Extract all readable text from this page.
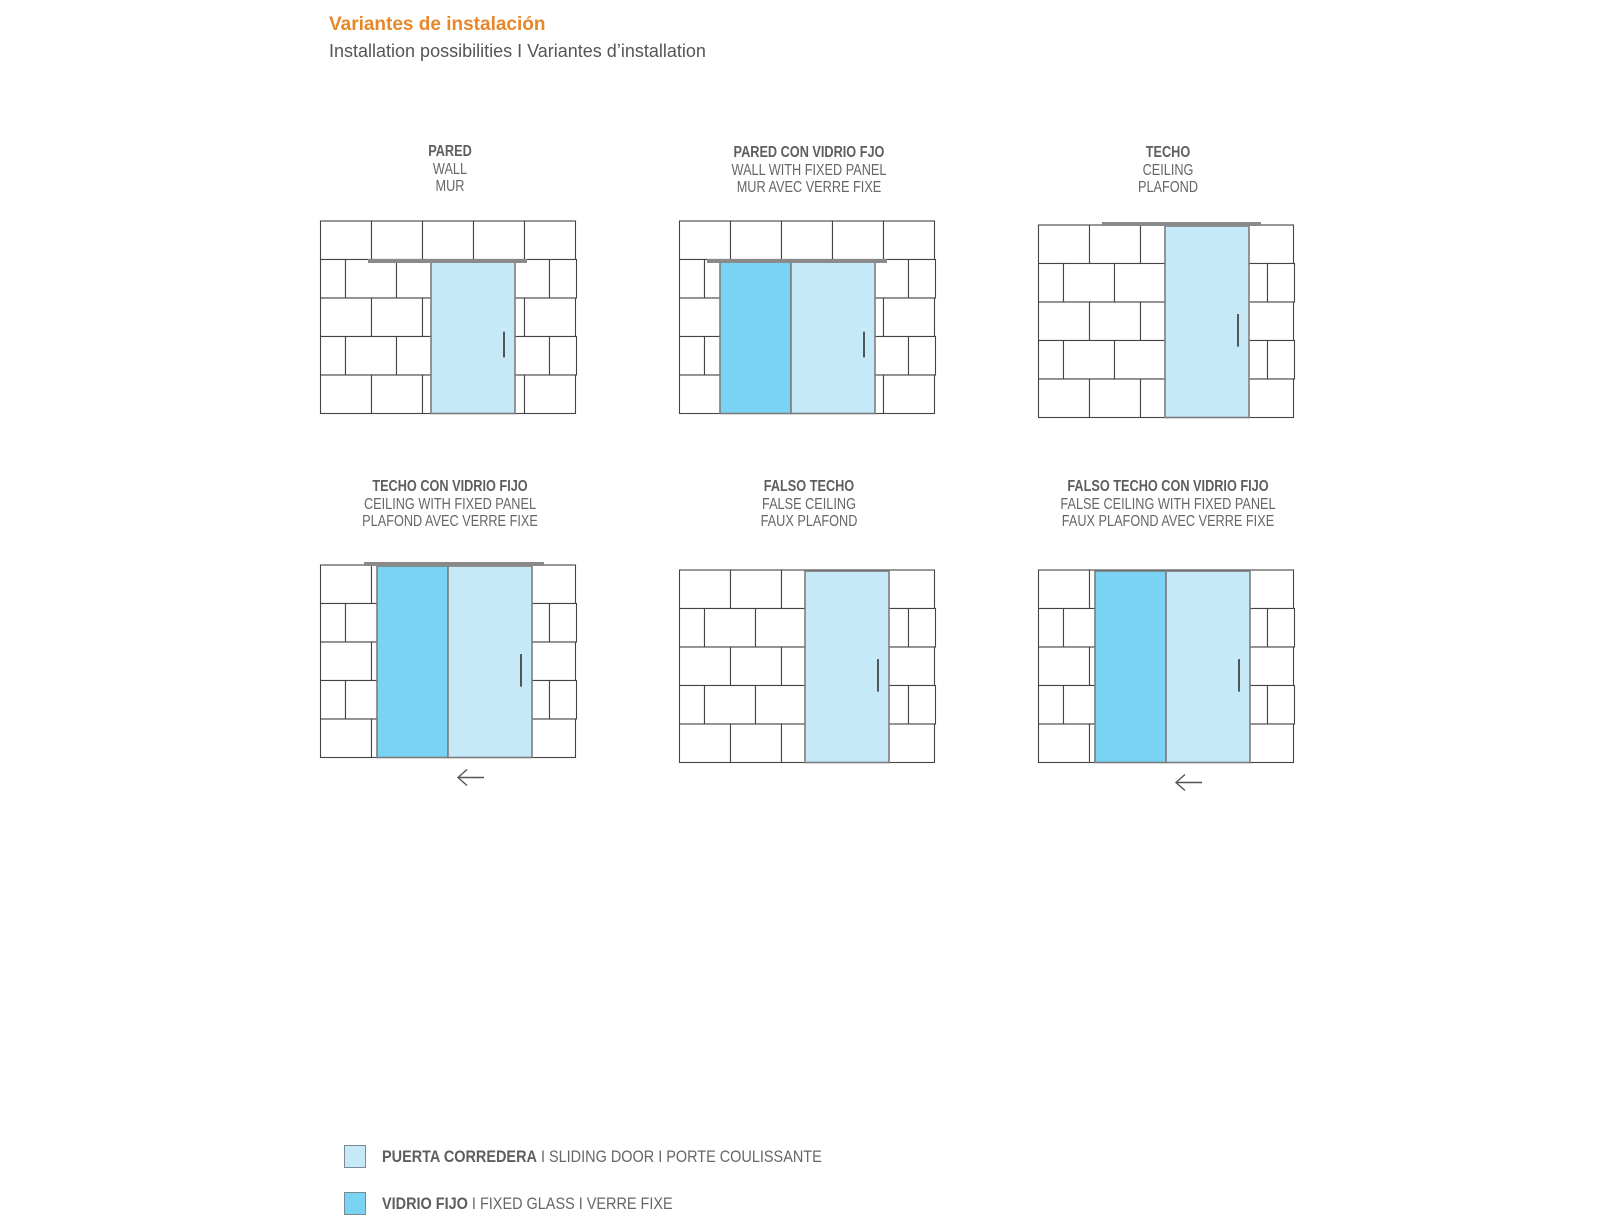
Variantes de instalación
Installation possibilities I Variantes d’installation
PARED
WALL
MUR
PARED CON VIDRIO FJO
WALL WITH FIXED PANEL
MUR AVEC VERRE FIXE
TECHO
CEILING
PLAFOND
TECHO CON VIDRIO FIJO
CEILING WITH FIXED PANEL
PLAFOND AVEC VERRE FIXE
FALSO TECHO
FALSE CEILING
FAUX PLAFOND
FALSO TECHO CON VIDRIO FIJO
FALSE CEILING WITH FIXED PANEL
FAUX PLAFOND AVEC VERRE FIXE
PUERTA CORREDERA I SLIDING DOOR I PORTE COULISSANTE
VIDRIO FIJO I FIXED GLASS I VERRE FIXE
